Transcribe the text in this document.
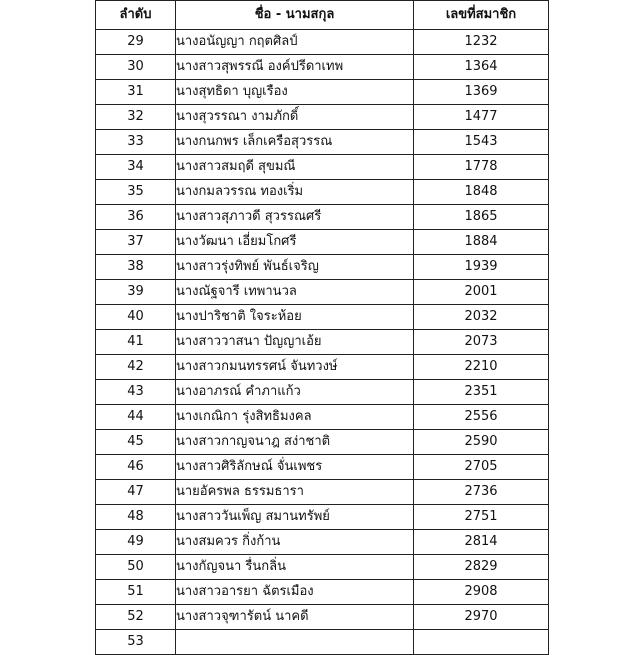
ลำดับ	ชื่อ - นามสกุล	เลขที่สมาชิก
29	นางอนัญญา กฤตศิลป์	1232
30	นางสาวสุพรรณี องค์ปรีดาเทพ	1364
31	นางสุทธิดา บุญเรือง	1369
32	นางสุวรรณา งามภักดิ์	1477
33	นางกนกพร เล็กเครือสุวรรณ	1543
34	นางสาวสมฤดี สุขมณี	1778
35	นางกมลวรรณ ทองเริ่ม	1848
36	นางสาวสุภาวดี สุวรรณศรี	1865
37	นางวัฒนา เอี่ยมโกศรี	1884
38	นางสาวรุ่งทิพย์ พันธ์เจริญ	1939
39	นางณัฐจารี เทพานวล	2001
40	นางปาริชาติ ใจระห้อย	2032
41	นางสาววาสนา ปัญญาเอ้ย	2073
42	นางสาวกมนทรรศน์ จันทวงษ์	2210
43	นางอาภรณ์ คำภาแก้ว	2351
44	นางเกณิกา รุ่งสิทธิมงคล	2556
45	นางสาวกาญจนาฎ สง่าชาติ	2590
46	นางสาวศิริลักษณ์ จั่นเพชร	2705
47	นายอัครพล ธรรมธารา	2736
48	นางสาววันเพ็ญ สมานทรัพย์	2751
49	นางสมควร กิ่งก้าน	2814
50	นางกัญจนา รื่นกลิ่น	2829
51	นางสาวอารยา ฉัตรเมือง	2908
52	นางสาวจุฑารัตน์ นาคดี	2970
53		
